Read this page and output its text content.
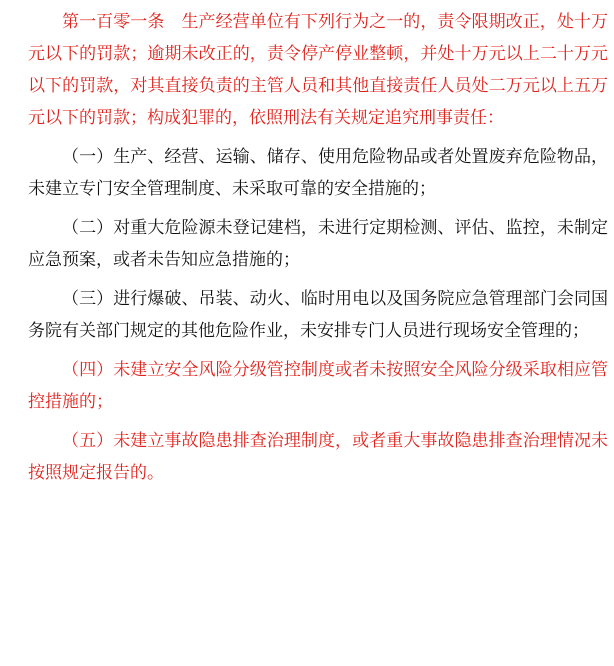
第一百零一条　生产经营单位有下列行为之一的，责令限期改正，处十万元以下的罚款；逾期未改正的，责令停产停业整顿，并处十万元以上二十万元以下的罚款，对其直接负责的主管人员和其他直接责任人员处二万元以上五万元以下的罚款；构成犯罪的，依照刑法有关规定追究刑事责任：

（一）生产、经营、运输、储存、使用危险物品或者处置废弃危险物品，未建立专门安全管理制度、未采取可靠的安全措施的；

（二）对重大危险源未登记建档，未进行定期检测、评估、监控，未制定应急预案，或者未告知应急措施的；

（三）进行爆破、吊装、动火、临时用电以及国务院应急管理部门会同国务院有关部门规定的其他危险作业，未安排专门人员进行现场安全管理的；

（四）未建立安全风险分级管控制度或者未按照安全风险分级采取相应管控措施的；

（五）未建立事故隐患排查治理制度，或者重大事故隐患排查治理情况未按照规定报告的。
